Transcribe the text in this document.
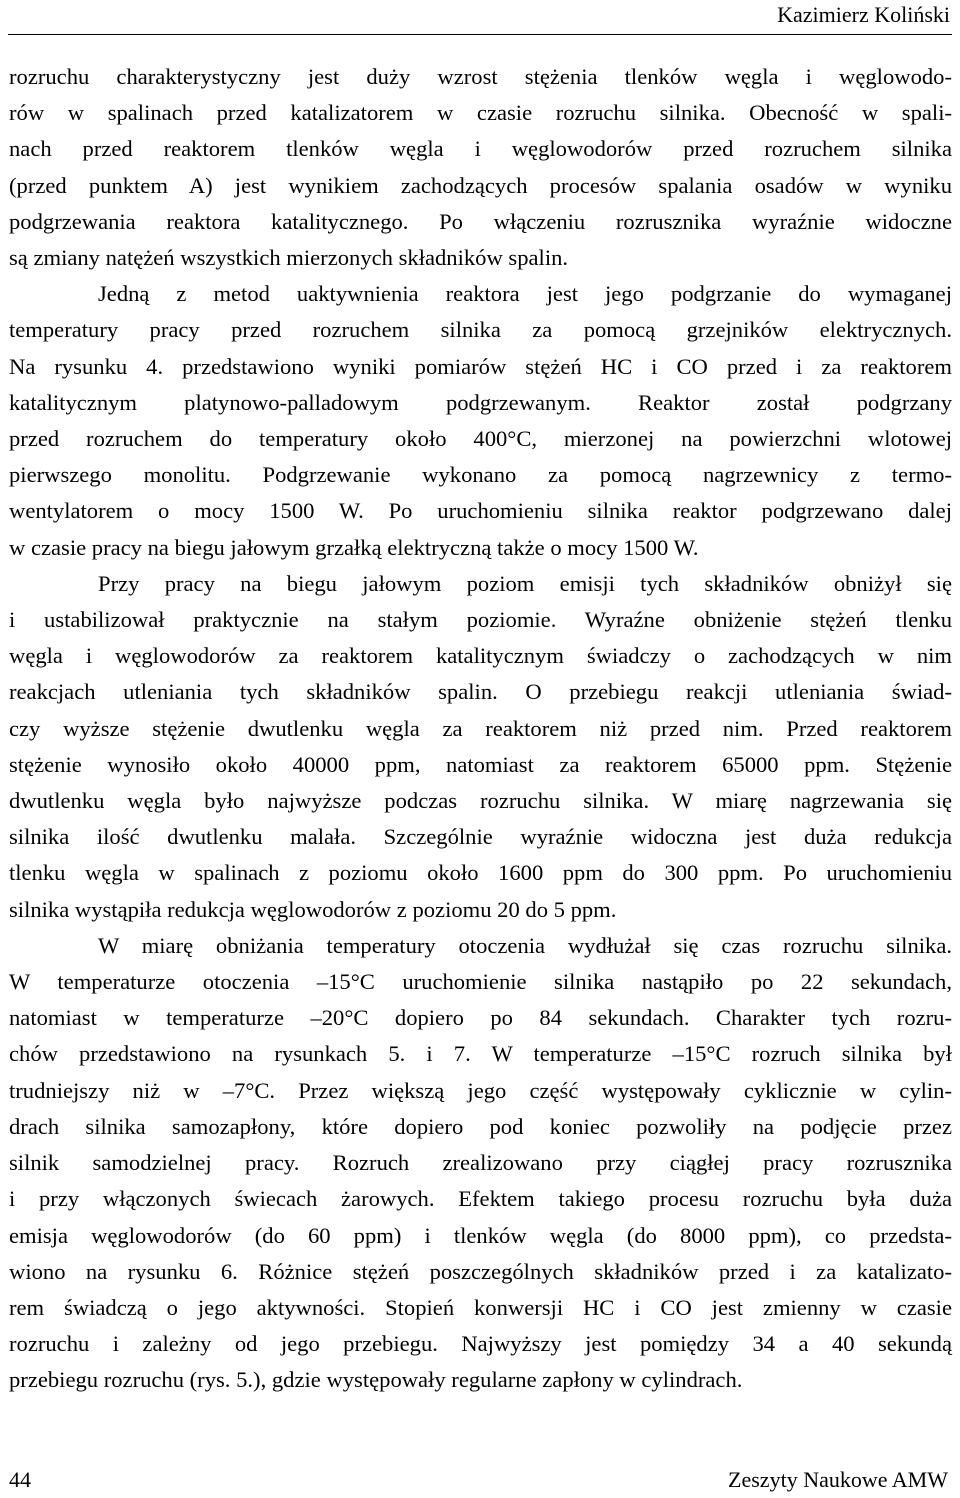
Kazimierz Koliński
rozruchu charakterystyczny jest duży wzrost stężenia tlenków węgla i węglowodo-
rów w spalinach przed katalizatorem w czasie rozruchu silnika. Obecność w spali-
nach przed reaktorem tlenków węgla i węglowodorów przed rozruchem silnika
(przed punktem A) jest wynikiem zachodzących procesów spalania osadów w wyniku
podgrzewania reaktora katalitycznego. Po włączeniu rozrusznika wyraźnie widoczne
są zmiany natężeń wszystkich mierzonych składników spalin.
Jedną z metod uaktywnienia reaktora jest jego podgrzanie do wymaganej
temperatury pracy przed rozruchem silnika za pomocą grzejników elektrycznych.
Na rysunku 4. przedstawiono wyniki pomiarów stężeń HC i CO przed i za reaktorem
katalitycznym platynowo-palladowym podgrzewanym. Reaktor został podgrzany
przed rozruchem do temperatury około 400°C, mierzonej na powierzchni wlotowej
pierwszego monolitu. Podgrzewanie wykonano za pomocą nagrzewnicy z termo-
wentylatorem o mocy 1500 W. Po uruchomieniu silnika reaktor podgrzewano dalej
w czasie pracy na biegu jałowym grzałką elektryczną także o mocy 1500 W.
Przy pracy na biegu jałowym poziom emisji tych składników obniżył się
i ustabilizował praktycznie na stałym poziomie. Wyraźne obniżenie stężeń tlenku
węgla i węglowodorów za reaktorem katalitycznym świadczy o zachodzących w nim
reakcjach utleniania tych składników spalin. O przebiegu reakcji utleniania świad-
czy wyższe stężenie dwutlenku węgla za reaktorem niż przed nim. Przed reaktorem
stężenie wynosiło około 40000 ppm, natomiast za reaktorem 65000 ppm. Stężenie
dwutlenku węgla było najwyższe podczas rozruchu silnika. W miarę nagrzewania się
silnika ilość dwutlenku malała. Szczególnie wyraźnie widoczna jest duża redukcja
tlenku węgla w spalinach z poziomu około 1600 ppm do 300 ppm. Po uruchomieniu
silnika wystąpiła redukcja węglowodorów z poziomu 20 do 5 ppm.
W miarę obniżania temperatury otoczenia wydłużał się czas rozruchu silnika.
W temperaturze otoczenia –15°C uruchomienie silnika nastąpiło po 22 sekundach,
natomiast w temperaturze –20°C dopiero po 84 sekundach. Charakter tych rozru-
chów przedstawiono na rysunkach 5. i 7. W temperaturze –15°C rozruch silnika był
trudniejszy niż w –7°C. Przez większą jego część występowały cyklicznie w cylin-
drach silnika samozapłony, które dopiero pod koniec pozwoliły na podjęcie przez
silnik samodzielnej pracy. Rozruch zrealizowano przy ciągłej pracy rozrusznika
i przy włączonych świecach żarowych. Efektem takiego procesu rozruchu była duża
emisja węglowodorów (do 60 ppm) i tlenków węgla (do 8000 ppm), co przedsta-
wiono na rysunku 6. Różnice stężeń poszczególnych składników przed i za katalizato-
rem świadczą o jego aktywności. Stopień konwersji HC i CO jest zmienny w czasie
rozruchu i zależny od jego przebiegu. Najwyższy jest pomiędzy 34 a 40 sekundą
przebiegu rozruchu (rys. 5.), gdzie występowały regularne zapłony w cylindrach.
44	Zeszyty Naukowe AMW
